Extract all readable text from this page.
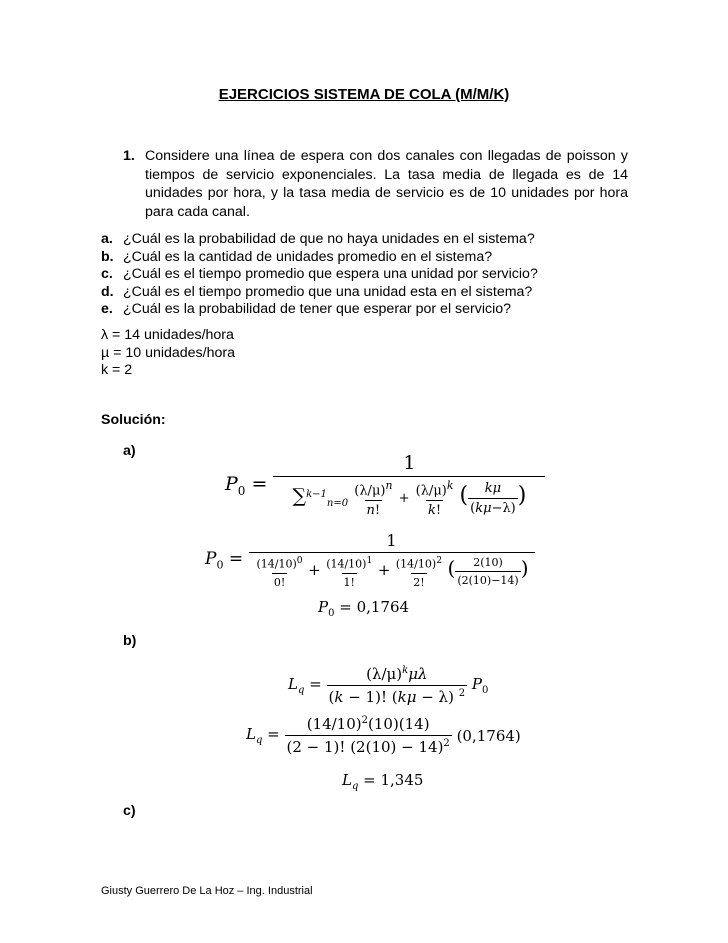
EJERCICIOS SISTEMA DE COLA (M/M/K)
1. Considere una línea de espera con dos canales con llegadas de poisson y tiempos de servicio exponenciales. La tasa media de llegada es de 14 unidades por hora, y la tasa media de servicio es de 10 unidades por hora para cada canal.
a. ¿Cuál es la probabilidad de que no haya unidades en el sistema?
b. ¿Cuál es la cantidad de unidades promedio en el sistema?
c. ¿Cuál es el tiempo promedio que espera una unidad por servicio?
d. ¿Cuál es el tiempo promedio que una unidad esta en el sistema?
e. ¿Cuál es la probabilidad de tener que esperar por el servicio?
λ = 14 unidades/hora
µ = 10 unidades/hora
k = 2
Solución:
a)
$P_0$ =
1
$\sum^{k-1}_{n=0} \frac{(\lambda/\mu)^n}{n!} + \frac{(\lambda/\mu)^k}{k!}$ ( $\frac{k\mu}{(k\mu-\lambda)}$ )
$P_0$ =
1
$\frac{(14/10)^0}{0!} + \frac{(14/10)^1}{1!} + \frac{(14/10)^2}{2!}$ ( $\frac{2(10)}{(2(10)-14)}$ )
$P_0 = 0,1764$
b)
$L_q = \frac{(\lambda/\mu)^k\mu\lambda}{(k - 1)! (k\mu - \lambda) ^2} P_0$
$L_q = \frac{(14/10)^2(10)(14)}{(2 - 1)! (2(10) - 14)^2} (0,1764)$
$L_q = 1,345$
c)
Giusty Guerrero De La Hoz – Ing. Industrial
